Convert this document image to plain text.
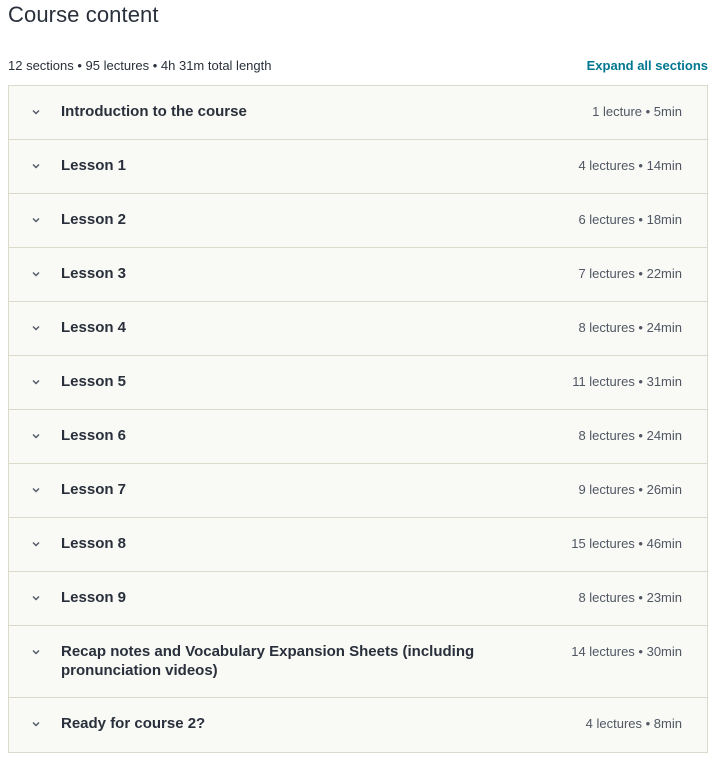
Course content
12 sections • 95 lectures • 4h 31m total length	Expand all sections
Introduction to the course	1 lecture • 5min
Lesson 1	4 lectures • 14min
Lesson 2	6 lectures • 18min
Lesson 3	7 lectures • 22min
Lesson 4	8 lectures • 24min
Lesson 5	11 lectures • 31min
Lesson 6	8 lectures • 24min
Lesson 7	9 lectures • 26min
Lesson 8	15 lectures • 46min
Lesson 9	8 lectures • 23min
Recap notes and Vocabulary Expansion Sheets (including pronunciation videos)
14 lectures • 30min
Ready for course 2?	4 lectures • 8min
